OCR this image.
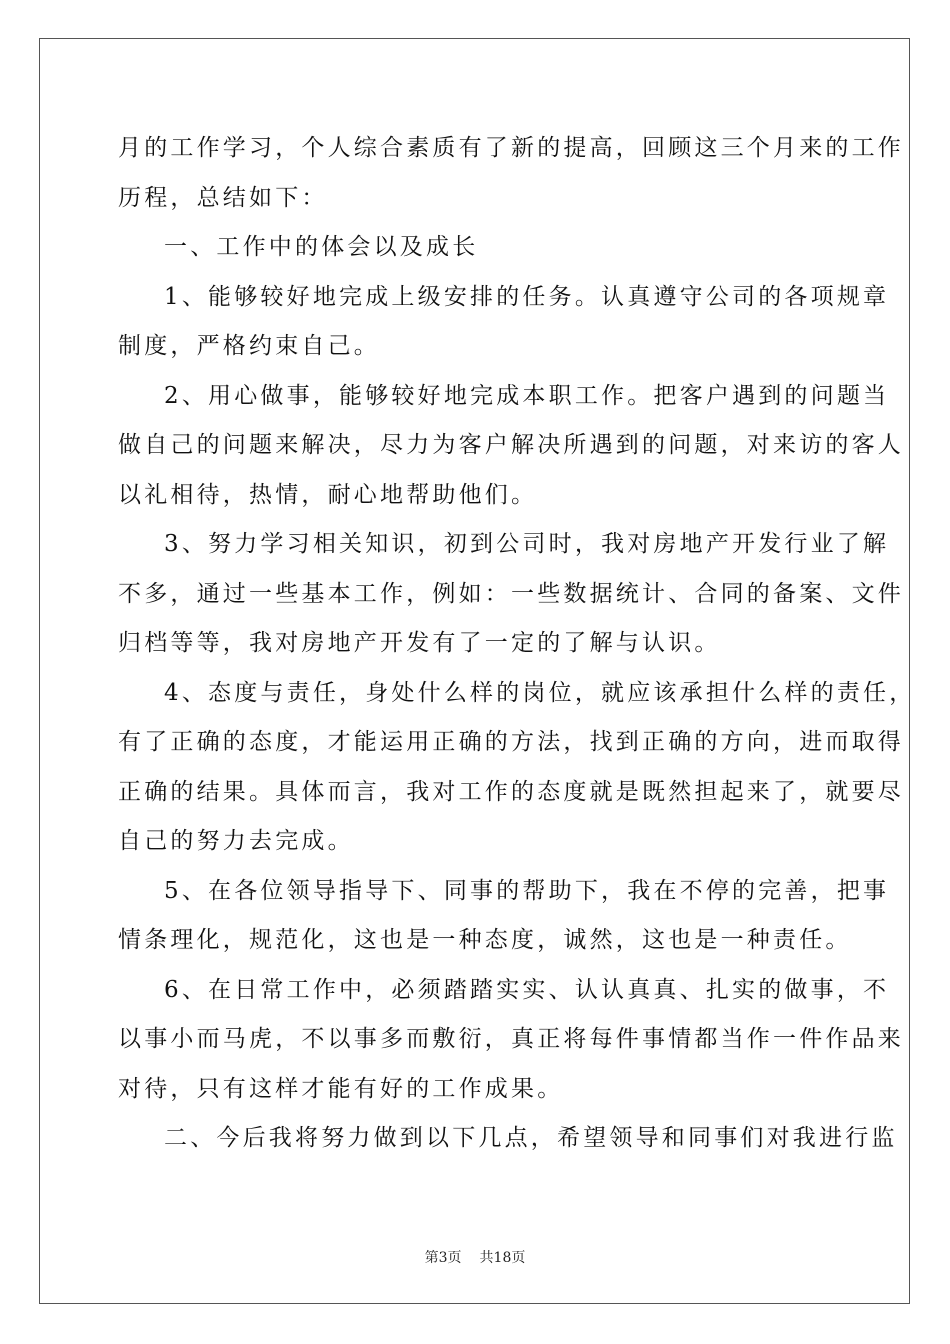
月的工作学习，个人综合素质有了新的提高，回顾这三个月来的工作
历程，总结如下：
一、工作中的体会以及成长
1、能够较好地完成上级安排的任务。认真遵守公司的各项规章
制度，严格约束自己。
2、用心做事，能够较好地完成本职工作。把客户遇到的问题当
做自己的问题来解决，尽力为客户解决所遇到的问题，对来访的客人
以礼相待，热情，耐心地帮助他们。
3、努力学习相关知识，初到公司时，我对房地产开发行业了解
不多，通过一些基本工作，例如：一些数据统计、合同的备案、文件
归档等等，我对房地产开发有了一定的了解与认识。
4、态度与责任，身处什么样的岗位，就应该承担什么样的责任，
有了正确的态度，才能运用正确的方法，找到正确的方向，进而取得
正确的结果。具体而言，我对工作的态度就是既然担起来了，就要尽
自己的努力去完成。
5、在各位领导指导下、同事的帮助下，我在不停的完善，把事
情条理化，规范化，这也是一种态度，诚然，这也是一种责任。
6、在日常工作中，必须踏踏实实、认认真真、扎实的做事，不
以事小而马虎，不以事多而敷衍，真正将每件事情都当作一件作品来
对待，只有这样才能有好的工作成果。
二、今后我将努力做到以下几点，希望领导和同事们对我进行监
第3页 共18页
